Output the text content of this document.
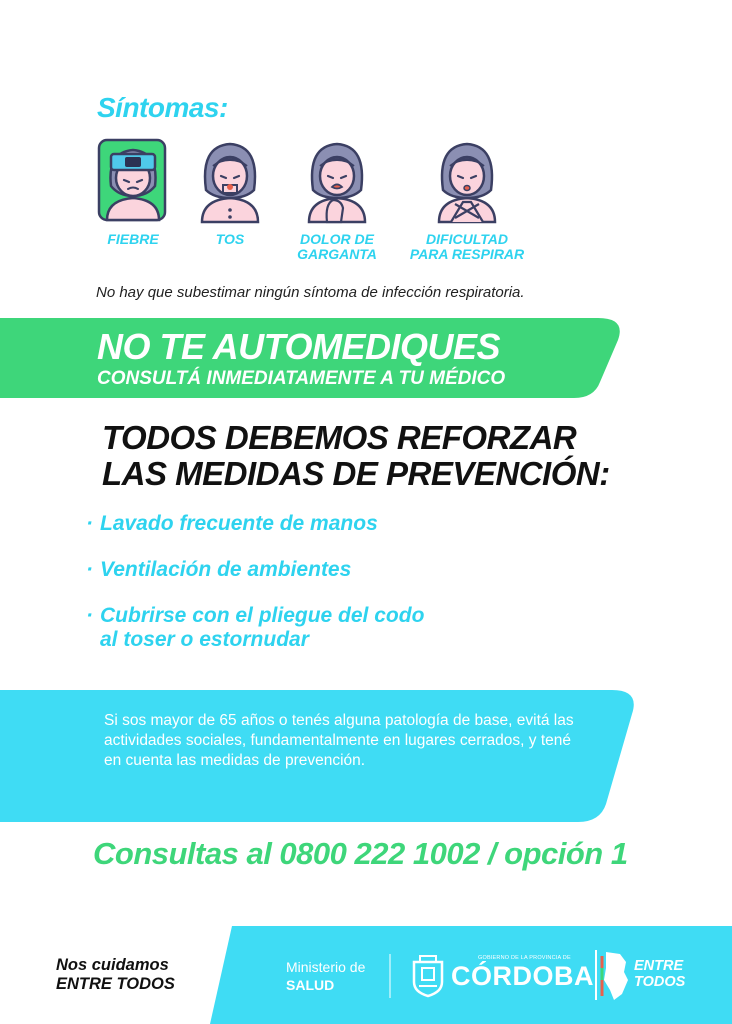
Síntomas:
FIEBRE	TOS	DOLOR DE
GARGANTA
DIFICULTAD
PARA RESPIRAR
No hay que subestimar ningún síntoma de infección respiratoria.
NO TE AUTOMEDIQUES
CONSULTÁ INMEDIATAMENTE A TU MÉDICO
TODOS DEBEMOS REFORZAR LAS MEDIDAS DE PREVENCIÓN:
· Lavado frecuente de manos
· Ventilación de ambientes
· Cubrirse con el pliegue del codo al toser o estornudar
Si sos mayor de 65 años o tenés alguna patología de base, evitá las actividades sociales, fundamentalmente en lugares cerrados, y tené en cuenta las medidas de prevención.
Consultas al 0800 222 1002 / opción 1
Nos cuidamos
ENTRE TODOS
Ministerio de
SALUD
GOBIERNO DE LA PROVINCIA DE
CÓRDOBA	ENTRE
TODOS
